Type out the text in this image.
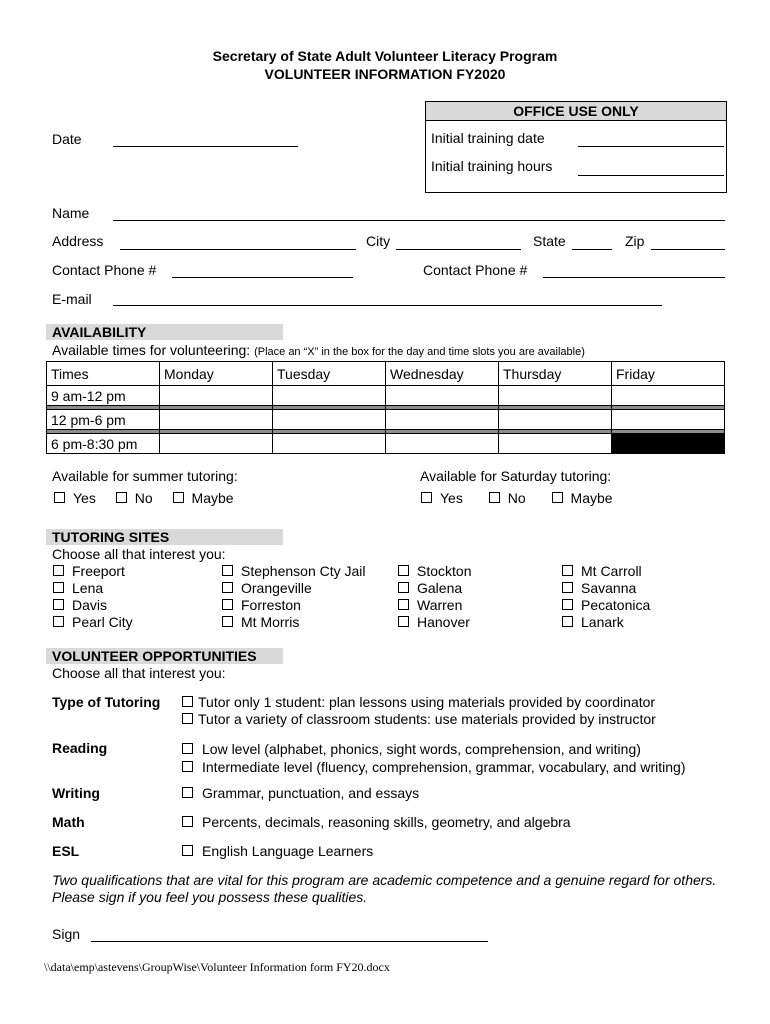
Secretary of State Adult Volunteer Literacy Program
VOLUNTEER INFORMATION FY2020
OFFICE USE ONLY
Initial training date
Initial training hours
Date
Name
Address	City	State	Zip
Contact Phone #	Contact Phone #
E-mail
AVAILABILITY
Available times for volunteering: (Place an “X” in the box for the day and time slots you are available)
Times	Monday	Tuesday	Wednesday	Thursday	Friday
9 am-12 pm					

12 pm-6 pm					

6 pm-8:30 pm					
Available for summer tutoring:
Yes	No	Maybe
Available for Saturday tutoring:
Yes	No	Maybe
TUTORING SITES
Choose all that interest you:
Freeport
Lena
Davis
Pearl City
Stephenson Cty Jail
Orangeville
Forreston
Mt Morris
Stockton
Galena
Warren
Hanover
Mt Carroll
Savanna
Pecatonica
Lanark
VOLUNTEER OPPORTUNITIES
Choose all that interest you:
Type of Tutoring	Tutor only 1 student: plan lessons using materials provided by coordinator
Tutor a variety of classroom students: use materials provided by instructor
Reading	Low level (alphabet, phonics, sight words, comprehension, and writing)
Intermediate level (fluency, comprehension, grammar, vocabulary, and writing)
Writing	Grammar, punctuation, and essays
Math	Percents, decimals, reasoning skills, geometry, and algebra
ESL	English Language Learners
Two qualifications that are vital for this program are academic competence and a genuine regard for others.
Please sign if you feel you possess these qualities.
Sign
\\data\emp\astevens\GroupWise\Volunteer Information form FY20.docx
